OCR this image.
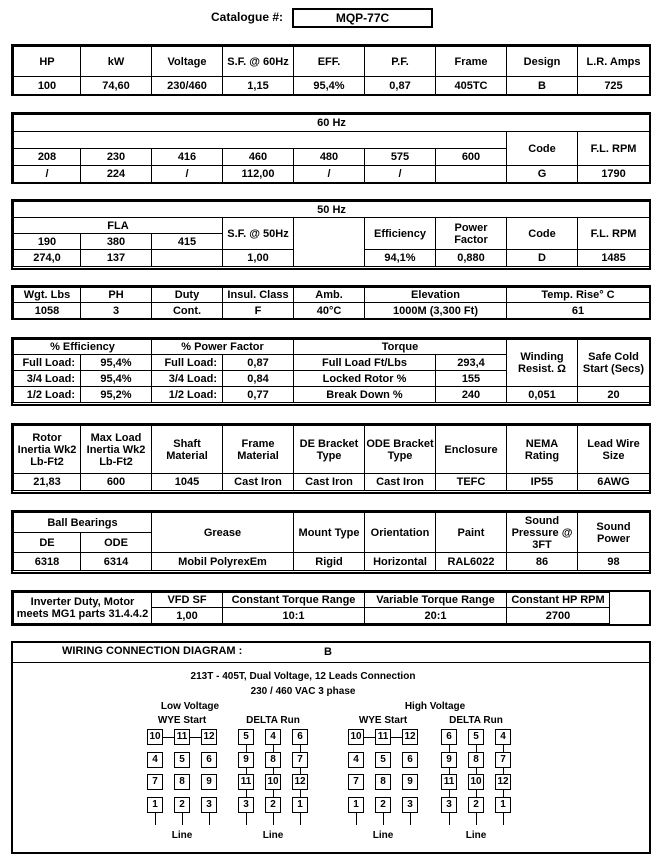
Catalogue #:	MQP-77C
HP	kW	Voltage	S.F. @ 60Hz	EFF.	P.F.	Frame	Design	L.R. Amps
100	74,60	230/460	1,15	95,4%	0,87	405TC	B	725
60 Hz								
							Code	F.L. RPM
208	230	416	460	480	575	600		
/	224	/	112,00	/	/		G	1790
50 Hz								
FLA			S.F. @ 50Hz		Efficiency	Power Factor	Code	F.L. RPM
190	380	415						
274,0	137		1,00		94,1%	0,880	D	1485
Wgt. Lbs	PH	Duty	Insul. Class	Amb.	Elevation	Temp. Rise° C
1058	3	Cont.	F	40°C	1000M (3,300 Ft)	61
% Efficiency		% Power Factor		Torque		Winding Resist. Ω	Safe Cold Start (Secs)
Full Load:	95,4%	Full Load:	0,87	Full Load Ft/Lbs	293,4		
3/4 Load:	95,4%	3/4 Load:	0,84	Locked Rotor %	155		
1/2 Load:	95,2%	1/2 Load:	0,77	Break Down %	240	0,051	20
Rotor Inertia Wk2 Lb-Ft2	Max Load Inertia Wk2 Lb-Ft2	Shaft Material	Frame Material	DE Bracket Type	ODE Bracket Type	Enclosure	NEMA Rating	Lead Wire Size
21,83	600	1045	Cast Iron	Cast Iron	Cast Iron	TEFC	IP55	6AWG
Ball Bearings		Grease	Mount Type	Orientation	Paint	Sound Pressure @ 3FT	Sound Power
DE	ODE						
6318	6314	Mobil PolyrexEm	Rigid	Horizontal	RAL6022	86	98
Inverter Duty, Motor meets MG1 parts 31.4.4.2	VFD SF	Constant Torque Range	Variable Torque Range	Constant HP RPM
	1,00	10:1	20:1	2700
WIRING CONNECTION DIAGRAM :	B
213T - 405T, Dual Voltage, 12 Leads Connection
230 / 460 VAC 3 phase
Low Voltage	High Voltage
WYE Start
10 11 12
4	5	6
7	8	9
1	2	3
Line
DELTA Run
5	4	6
9	8	7
11 10 12
3	2	1
Line
WYE Start
10 11 12
4	5	6
7	8	9
1	2	3
Line
DELTA Run
6	5	4
9	8	7
11 10 12
3	2	1
Line
